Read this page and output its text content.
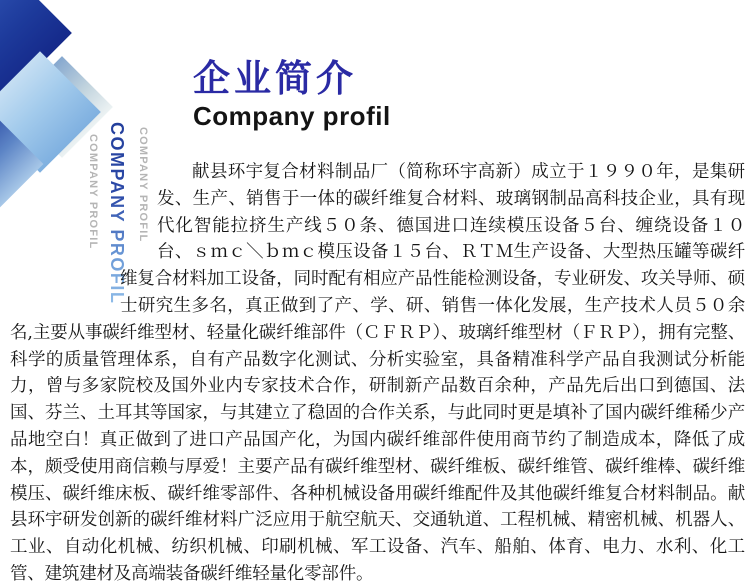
COMPANY PROFIL COMPANY PROFIL COMPANY PROFIL
企业简介
Company profil

献县环宇复合材料制品厂（简称环宇高新）成立于１９９０年，是集研发、生产、销售于一体的碳纤维复合材料、玻璃钢制品高科技企业，具有现代化智能拉挤生产线５０条、德国进口连续模压设备５台、缠绕设备１０台、ｓｍｃ＼ｂｍｃ模压设备１５台、ＲＴＭ生产设备、大型热压罐等碳纤维复合材料加工设备，同时配有相应产品性能检测设备，专业研发、攻关导师、硕士研究生多名，真正做到了产、学、研、销售一体化发展，生产技术人员５０余名,主要从事碳纤维型材、轻量化碳纤维部件（ＣＦＲＰ）、玻璃纤维型材（ＦＲＰ），拥有完整、科学的质量管理体系，自有产品数字化测试、分析实验室，具备精准科学产品自我测试分析能力，曾与多家院校及国外业内专家技术合作，研制新产品数百余种，产品先后出口到德国、法国、芬兰、土耳其等国家，与其建立了稳固的合作关系，与此同时更是填补了国内碳纤维稀少产品地空白！真正做到了进口产品国产化，为国内碳纤维部件使用商节约了制造成本，降低了成本，颇受使用商信赖与厚爱！主要产品有碳纤维型材、碳纤维板、碳纤维管、碳纤维棒、碳纤维模压、碳纤维床板、碳纤维零部件、各种机械设备用碳纤维配件及其他碳纤维复合材料制品。献县环宇研发创新的碳纤维材料广泛应用于航空航天、交通轨道、工程机械、精密机械、机器人、工业、自动化机械、纺织机械、印刷机械、军工设备、汽车、船舶、体育、电力、水利、化工管、建筑建材及高端装备碳纤维轻量化零部件。
